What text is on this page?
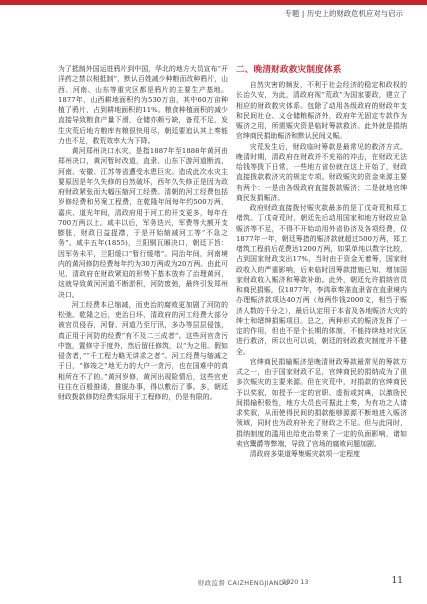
专题 | 历史上的财政危机应对与启示

为了抵制外国运进鸦片到中国，华北的地方大员宣布“开洋药之禁以相抵制”，默认百姓减少种粮而改种鸦片，山西、河南、山东等重灾区都是鸦片的主要生产基地。1877年，山西耕地面积约为530万亩，其中60万亩种植了鸦片，占到耕地面积的11%。粮食种植面积的减少直接导致粮食产量下滑，仓储亦颇亏缺，备荒不足，发生灾荒后地方粮库有粮很快用尽，朝廷要追认其上奏能力也不足，救荒效率大为下降。

黄河郑州决口水灾。是指1887年至1888年黄河由郑州决口，黄河暂时改道，直隶、山东下游河道断流，河南、安徽、江苏等省遭受水患巨灾。造成此次水灾主要原因是年久失修的自然破坏，西年久失修正是因为政府财政紧张而大幅压缩河工经费。清朝的河工经费包括岁修经费和另案工程费，在乾隆年间每年约500万两，嘉庆、道光年间，清政府用于河工的开支更多，每年在700万两以上。咸丰以后，军务迭兴，军费等大额开支膨胀，财政日益捉襟，于是开始缩减河工等“不急之务”。咸丰五年(1855)，兰阳铜瓦厢决口，朝廷下旨：因军务未平，兰阳缓口“暂行缓堵”。同治年间，河南境内的黄河修防经费每年约为30万两或为20万两。由此可见，清政府在财政紧迫的形势下基本放弃了治理黄河，这就导致黄河河道不断淤积，河防废弛，最终引发郑州决口。

河工经费本已缩减，而吏治的腐败更加剧了河防的松弛。乾隆之后，吏治日坏，清政府的河工经费大部分被官员侵吞，河督、河道乃至厅汛，多办等层层侵蚀，真正用于河防的经费“有不及二三成者”。这些河官贪污中饱，置修守于度外，然后留任修筑，以“为之用。假如侵贪者，”“千工程力略无讲求之者”。河工经费与缩减之于日，“修竣之”地无力的大户一贪污，也在国难中的真相所在不了的。”黄河岁修，黄河出现险情后，这些官吏往往在百般推诿，推脱办事，得以敷衍了事。多，朝廷财政拨款修防经费实际用于工程修的，仍是有限的。

二、晚清财政救灾制度体系

自然灾害的频发，不利于社会经济的稳定和政权的长治久安，为此，清政府视“荒政”为国家要政，建立了相应的财政救灾体系。包除了动用各级政府的财政年支和民间社仓、义仓储粮赈济外，政府年无固定专款作为赈济之用，所需赈灾资是临时筹款救济。此外就是捐纳官绅商民捐助赈济和默认民间义赈。

灾荒发生后，财政临时筹款是最常见的救济方式。晚清时期，清政府在财政并不充裕的冲击，在财政无法给钱等拨下日常，一些地方省份就在这上开始了，财政直接拨款救济灾的规定专项。财政赈灾的资金来源主要有两个：一是由各级政府直接拨款赈济；二是就地官绅商民发捐赈济。

政府财政直接拨付赈灾款最多的是丁戊奇荒和郑工堵筑。丁戊奇荒时，朝廷先后动用国家和地方财政应急赈济等不足，不得不开始动用外省协济及各项经费，仅1877年一年，朝廷筹措的赈济款就超过500万两，郑工堵筑工程前后花费达1200万两，如果单纯以数字比较，占到国家财政支出17%，当时由于资金无着筹，国家财政收入的严重影响，后来临时因筹款措施已知，增加国家财政收入赈济和筹款补助。此外，朝廷允许捐纳官员和商民捐赈，仅1877年，李鸿章奏准直隶省在直隶境内办理赈济款项达40万两（每两作钱2000文，相当于赈济人数的千分之），最后认定用于本省及各地赈济大灾的绅士和缙绅捐赈项目。总之，两种形式的赈济发挥了一定的作用，但也不是个长期的体制，不能持续地对灾区进行救济，所以也可以说，朝廷的财政救灾制度并不健全。

官绅商民捐输赈济是晚清财政筹款最常见的筹款方式之一，由于国家财政不足，官绅商民的捐纳成为了很多次赈灾的主要来源。但在灾荒中，对捐款的官绅商民予以奖叙，如授予一定的官职、虚衔或封典，以激励民间捐输积极性，地方大员也可据此上奏，为有功之人请求奖叙，从而使得民间的捐款能够源源不断地进入赈济领域，同时也为政府补充了财政之不足。但与此同时，捐纳制度的滥用也给吏治带来了一定的负面影响，诸如卖官鬻爵等弊端，导致了官场的腐败问题加剧。

清政府多渠道筹集赈灾款项一定程度

财政监督 CAIZHENGJIANDU
2020 13	11
